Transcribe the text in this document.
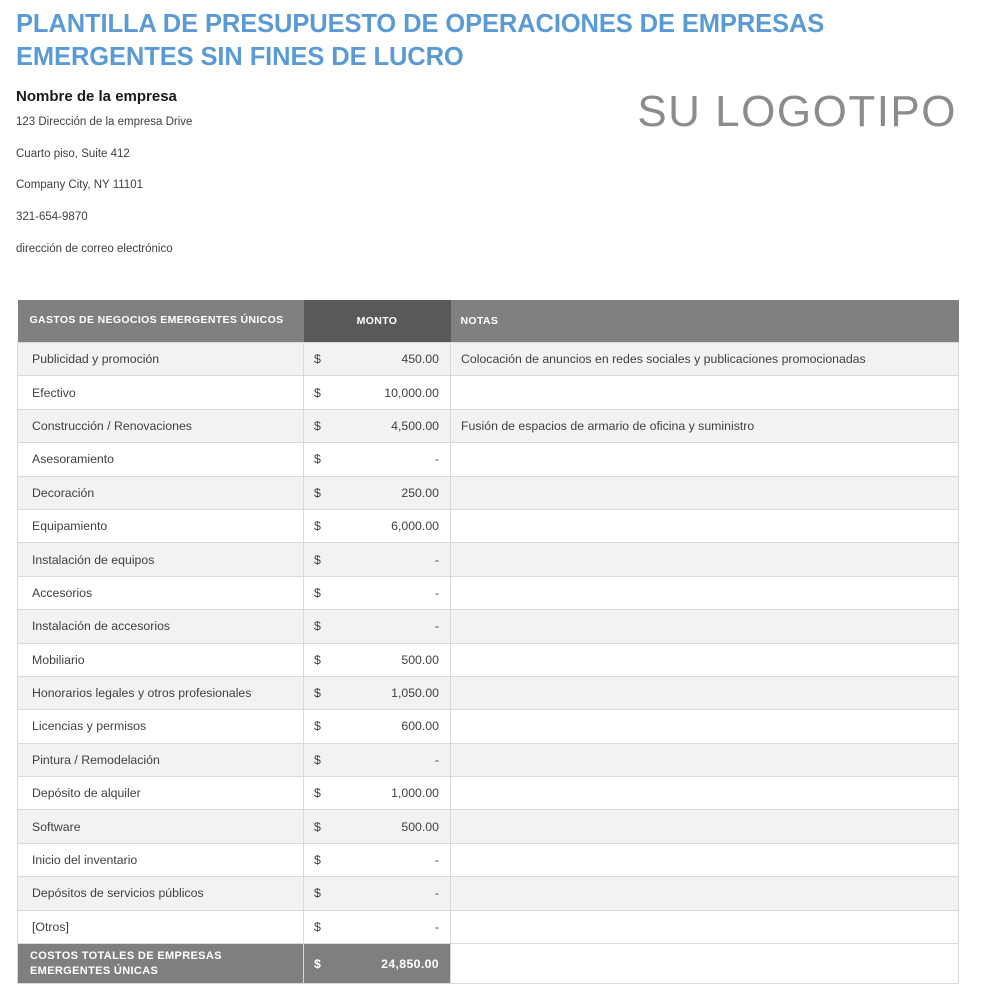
PLANTILLA DE PRESUPUESTO DE OPERACIONES DE EMPRESAS EMERGENTES SIN FINES DE LUCRO
Nombre de la empresa
123 Dirección de la empresa Drive
Cuarto piso, Suite 412
Company City, NY 11101
321-654-9870
dirección de correo electrónico
SU LOGOTIPO
GASTOS DE NEGOCIOS EMERGENTES ÚNICOS	MONTO	NOTAS
Publicidad y promoción	$ 450.00	Colocación de anuncios en redes sociales y publicaciones promocionadas
Efectivo	$ 10,000.00	

Construcción / Renovaciones	$ 4,500.00	Fusión de espacios de armario de oficina y suministro
Asesoramiento	$ -	

Decoración	$ 250.00	

Equipamiento	$ 6,000.00	

Instalación de equipos	$ -	

Accesorios	$ -	

Instalación de accesorios	$ -	

Mobiliario	$ 500.00	

Honorarios legales y otros profesionales	$ 1,050.00	

Licencias y permisos	$ 600.00	

Pintura / Remodelación	$ -	

Depósito de alquiler	$ 1,000.00	

Software	$ 500.00	

Inicio del inventario	$ -	

Depósitos de servicios públicos	$ -	

[Otros]	$ -	

COSTOS TOTALES DE EMPRESAS EMERGENTES ÚNICAS	$ 24,850.00	
